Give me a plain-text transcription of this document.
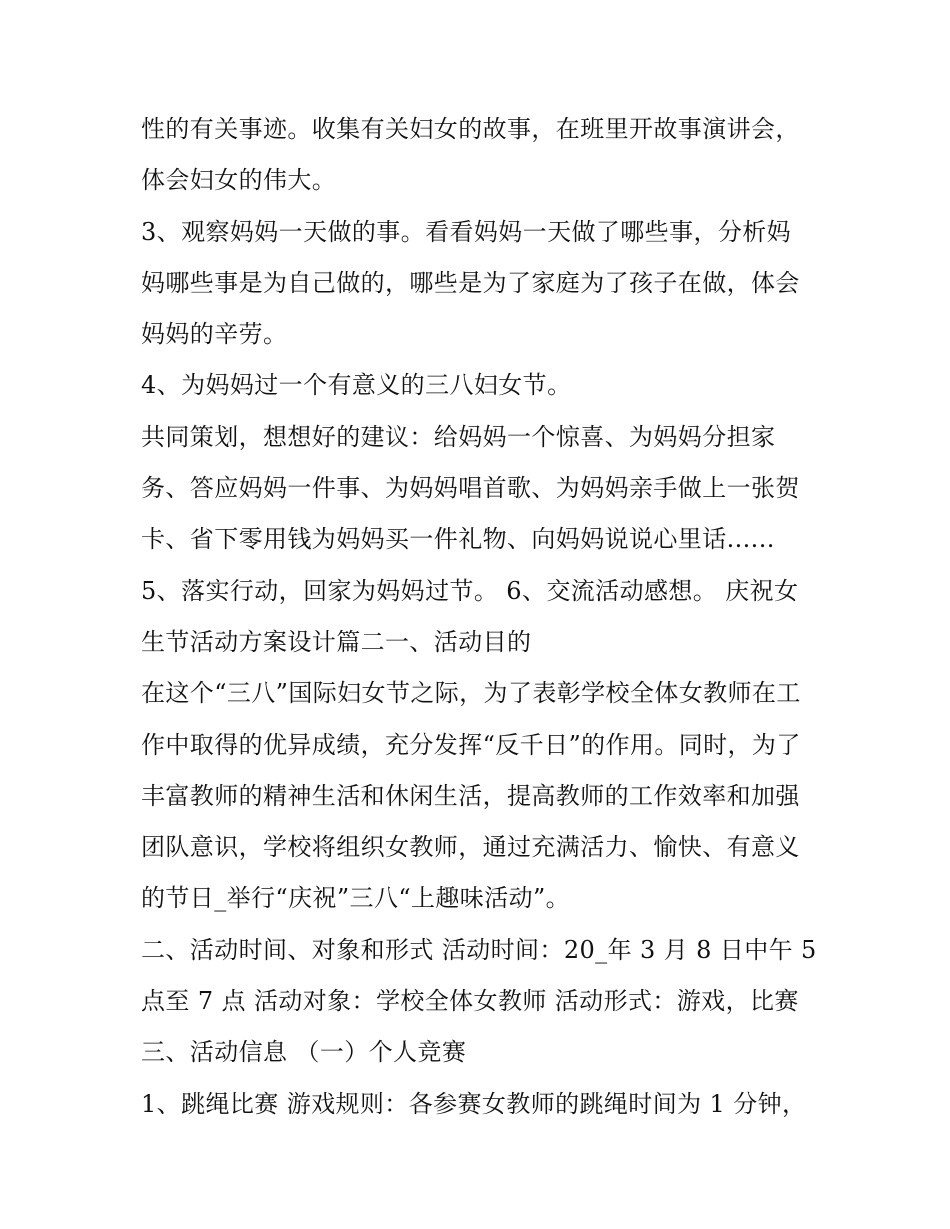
性的有关事迹。收集有关妇女的故事，在班里开故事演讲会，
体会妇女的伟大。
3、观察妈妈一天做的事。看看妈妈一天做了哪些事，分析妈
妈哪些事是为自己做的，哪些是为了家庭为了孩子在做，体会
妈妈的辛劳。
4、为妈妈过一个有意义的三八妇女节。
共同策划，想想好的建议：给妈妈一个惊喜、为妈妈分担家
务、答应妈妈一件事、为妈妈唱首歌、为妈妈亲手做上一张贺
卡、省下零用钱为妈妈买一件礼物、向妈妈说说心里话......
5、落实行动，回家为妈妈过节。 6、交流活动感想。 庆祝女
生节活动方案设计篇二一、活动目的
在这个“三八”国际妇女节之际，为了表彰学校全体女教师在工
作中取得的优异成绩，充分发挥“反千日”的作用。同时，为了
丰富教师的精神生活和休闲生活，提高教师的工作效率和加强
团队意识，学校将组织女教师，通过充满活力、愉快、有意义
的节日_举行“庆祝”三八“上趣味活动”。
二、活动时间、对象和形式 活动时间：20_年 3 月 8 日中午 5
点至 7 点 活动对象：学校全体女教师 活动形式：游戏，比赛
三、活动信息 （一）个人竞赛
1、跳绳比赛 游戏规则：各参赛女教师的跳绳时间为 1 分钟，
